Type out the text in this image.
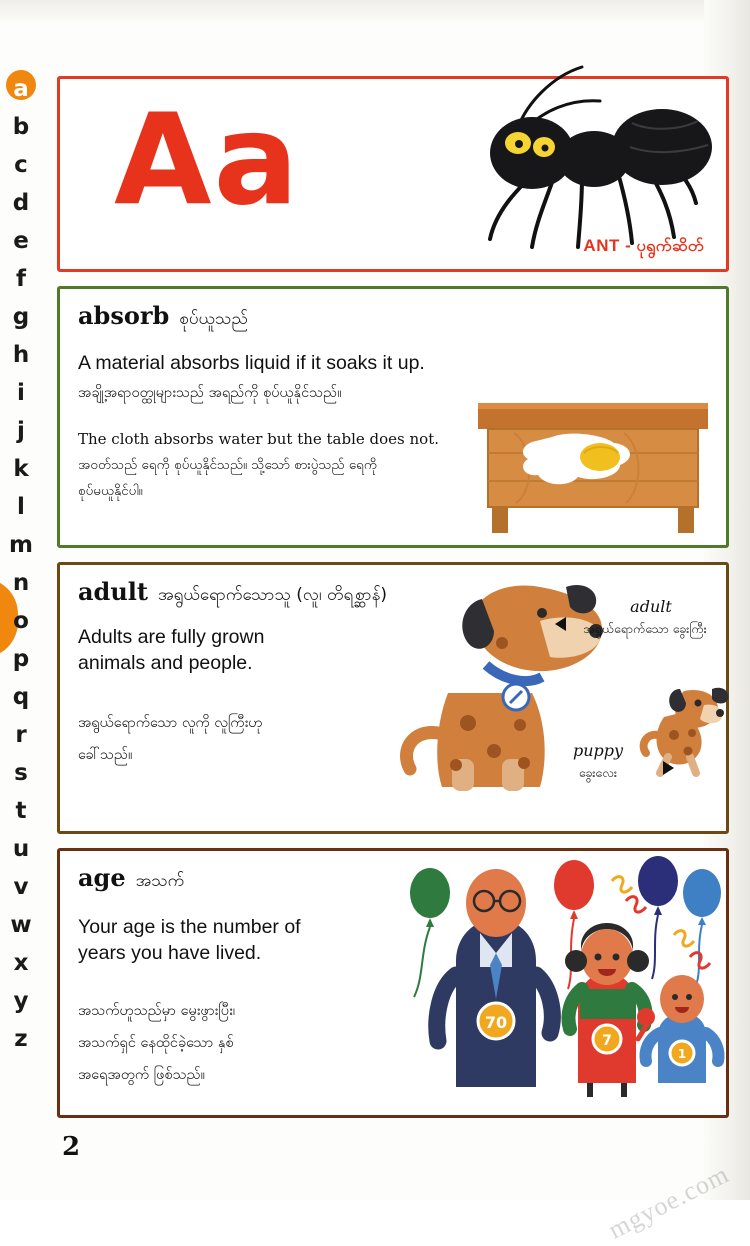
a
b
c
d
e
f
g
h
i
j
k
l
m
n
o
p
q
r
s
t
u
v
w
x
y
z
Aa
ANT - ပုရွက်ဆိတ်
absorb စုပ်ယူသည်
A material absorbs liquid if it soaks it up.
အချို့အရာဝတ္ထုများသည် အရည်ကို စုပ်ယူနိုင်သည်။
The cloth absorbs water but the table does not.
အဝတ်သည် ရေကို စုပ်ယူနိုင်သည်။ သို့သော် စားပွဲသည် ရေကို
စုပ်မယူနိုင်ပါ။
adult အရွယ်ရောက်သောသူ (လူ၊ တိရစ္ဆာန်)
Adults are fully grown
animals and people.
အရွယ်ရောက်သော လူကို လူကြီးဟု
ခေါ်သည်။
adult
အရွယ်ရောက်သော ခွေးကြီး
puppy
ခွေးလေး
age အသက်
Your age is the number of
years you have lived.
အသက်ဟူသည်မှာ မွေးဖွားပြီး၊
အသက်ရှင် နေထိုင်ခဲ့သော နှစ်
အရေအတွက် ဖြစ်သည်။
70
7
1
2
mgyoe.com
